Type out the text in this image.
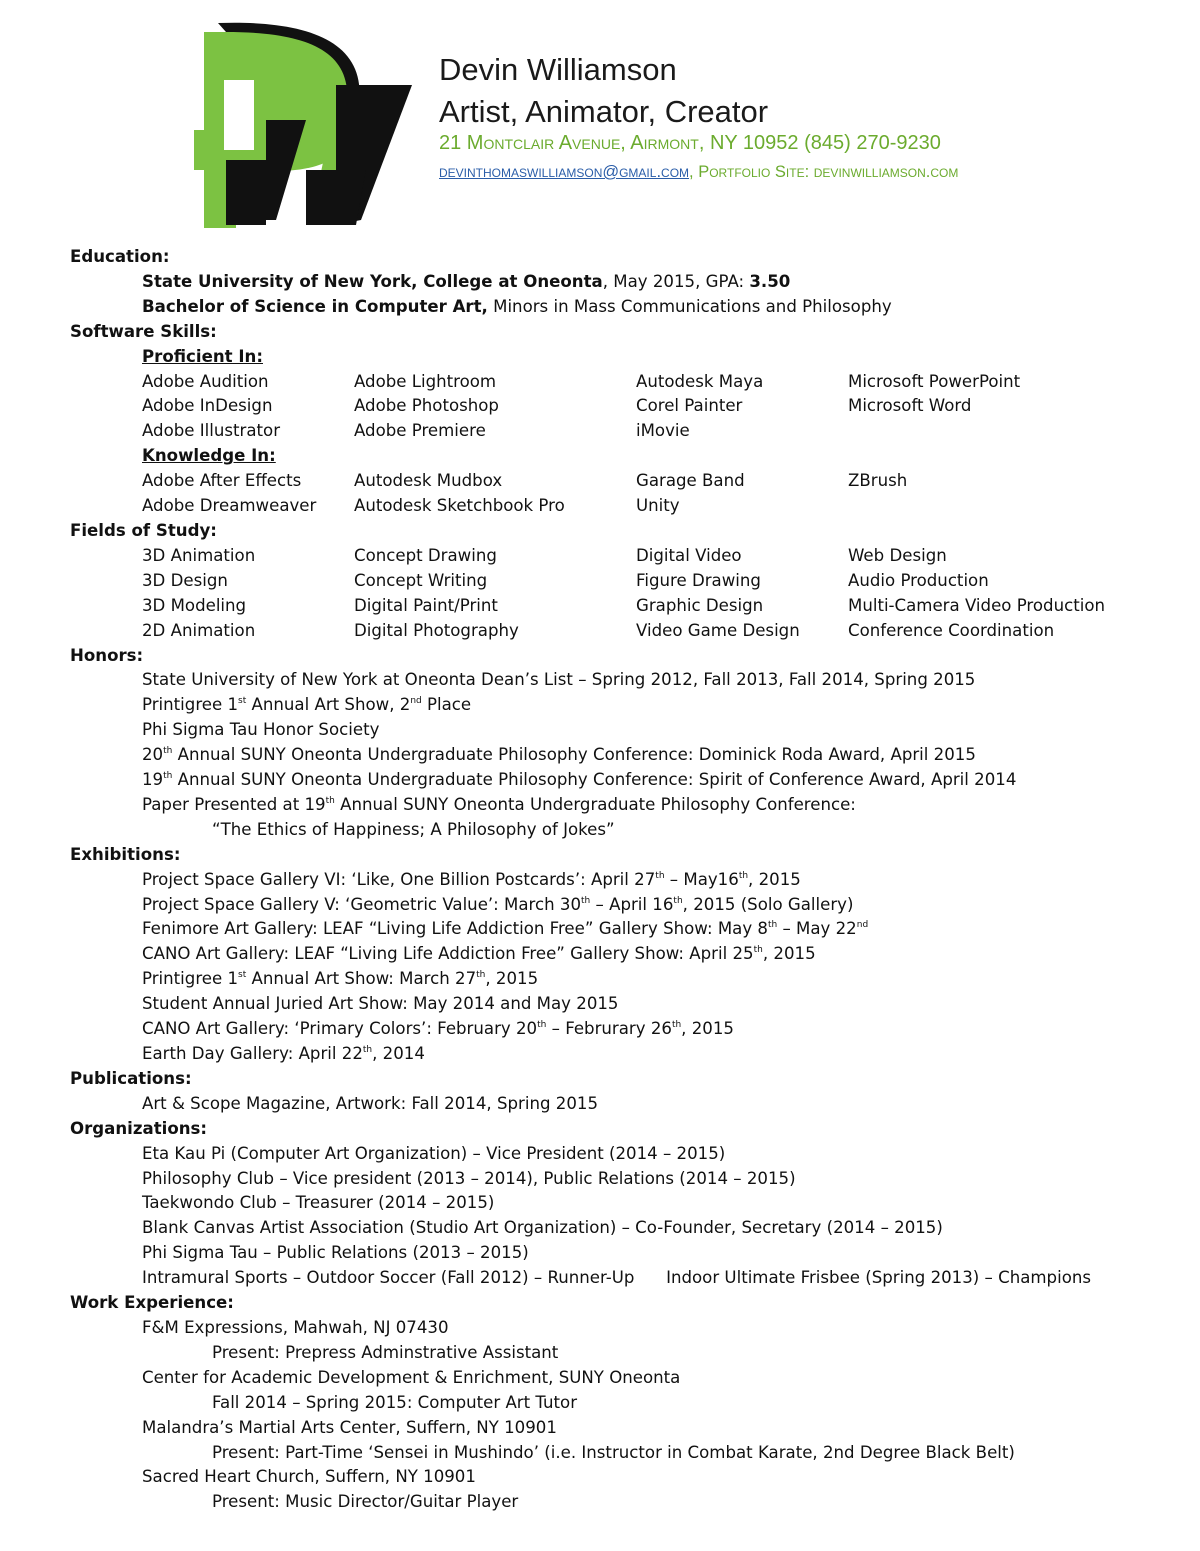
Devin Williamson
Artist, Animator, Creator
21 Montclair Avenue, Airmont, NY 10952 (845) 270-9230
devinthomaswilliamson@gmail.com, Portfolio Site: devinwilliamson.com
Education:
State University of New York, College at Oneonta, May 2015, GPA: 3.50
Bachelor of Science in Computer Art, Minors in Mass Communications and Philosophy
Software Skills:
Proficient In:
Adobe Audition	Adobe Lightroom	Autodesk Maya	Microsoft PowerPoint
Adobe InDesign	Adobe Photoshop	Corel Painter	Microsoft Word
Adobe Illustrator	Adobe Premiere	iMovie
Knowledge In:
Adobe After Effects	Autodesk Mudbox	Garage Band	ZBrush
Adobe Dreamweaver	Autodesk Sketchbook Pro	Unity
Fields of Study:
3D Animation	Concept Drawing	Digital Video	Web Design
3D Design	Concept Writing	Figure Drawing	Audio Production
3D Modeling	Digital Paint/Print	Graphic Design	Multi-Camera Video Production
2D Animation	Digital Photography	Video Game Design	Conference Coordination
Honors:
State University of New York at Oneonta Dean’s List – Spring 2012, Fall 2013, Fall 2014, Spring 2015
Printigree 1st Annual Art Show, 2nd Place
Phi Sigma Tau Honor Society
20th Annual SUNY Oneonta Undergraduate Philosophy Conference: Dominick Roda Award, April 2015
19th Annual SUNY Oneonta Undergraduate Philosophy Conference: Spirit of Conference Award, April 2014
Paper Presented at 19th Annual SUNY Oneonta Undergraduate Philosophy Conference:
“The Ethics of Happiness; A Philosophy of Jokes”
Exhibitions:
Project Space Gallery VI: ‘Like, One Billion Postcards’: April 27th – May16th, 2015
Project Space Gallery V: ‘Geometric Value’: March 30th – April 16th, 2015 (Solo Gallery)
Fenimore Art Gallery: LEAF “Living Life Addiction Free” Gallery Show: May 8th – May 22nd
CANO Art Gallery: LEAF “Living Life Addiction Free” Gallery Show: April 25th, 2015
Printigree 1st Annual Art Show: March 27th, 2015
Student Annual Juried Art Show: May 2014 and May 2015
CANO Art Gallery: ‘Primary Colors’: February 20th – Februrary 26th, 2015
Earth Day Gallery: April 22th, 2014
Publications:
Art & Scope Magazine, Artwork: Fall 2014, Spring 2015
Organizations:
Eta Kau Pi (Computer Art Organization) – Vice President (2014 – 2015)
Philosophy Club – Vice president (2013 – 2014), Public Relations (2014 – 2015)
Taekwondo Club – Treasurer (2014 – 2015)
Blank Canvas Artist Association (Studio Art Organization) – Co-Founder, Secretary (2014 – 2015)
Phi Sigma Tau – Public Relations (2013 – 2015)
Intramural Sports – Outdoor Soccer (Fall 2012) – Runner-Up      Indoor Ultimate Frisbee (Spring 2013) – Champions
Work Experience:
F&M Expressions, Mahwah, NJ 07430
Present: Prepress Adminstrative Assistant
Center for Academic Development & Enrichment, SUNY Oneonta
Fall 2014 – Spring 2015: Computer Art Tutor
Malandra’s Martial Arts Center, Suffern, NY 10901
Present: Part-Time ‘Sensei in Mushindo’ (i.e. Instructor in Combat Karate, 2nd Degree Black Belt)
Sacred Heart Church, Suffern, NY 10901
Present: Music Director/Guitar Player
